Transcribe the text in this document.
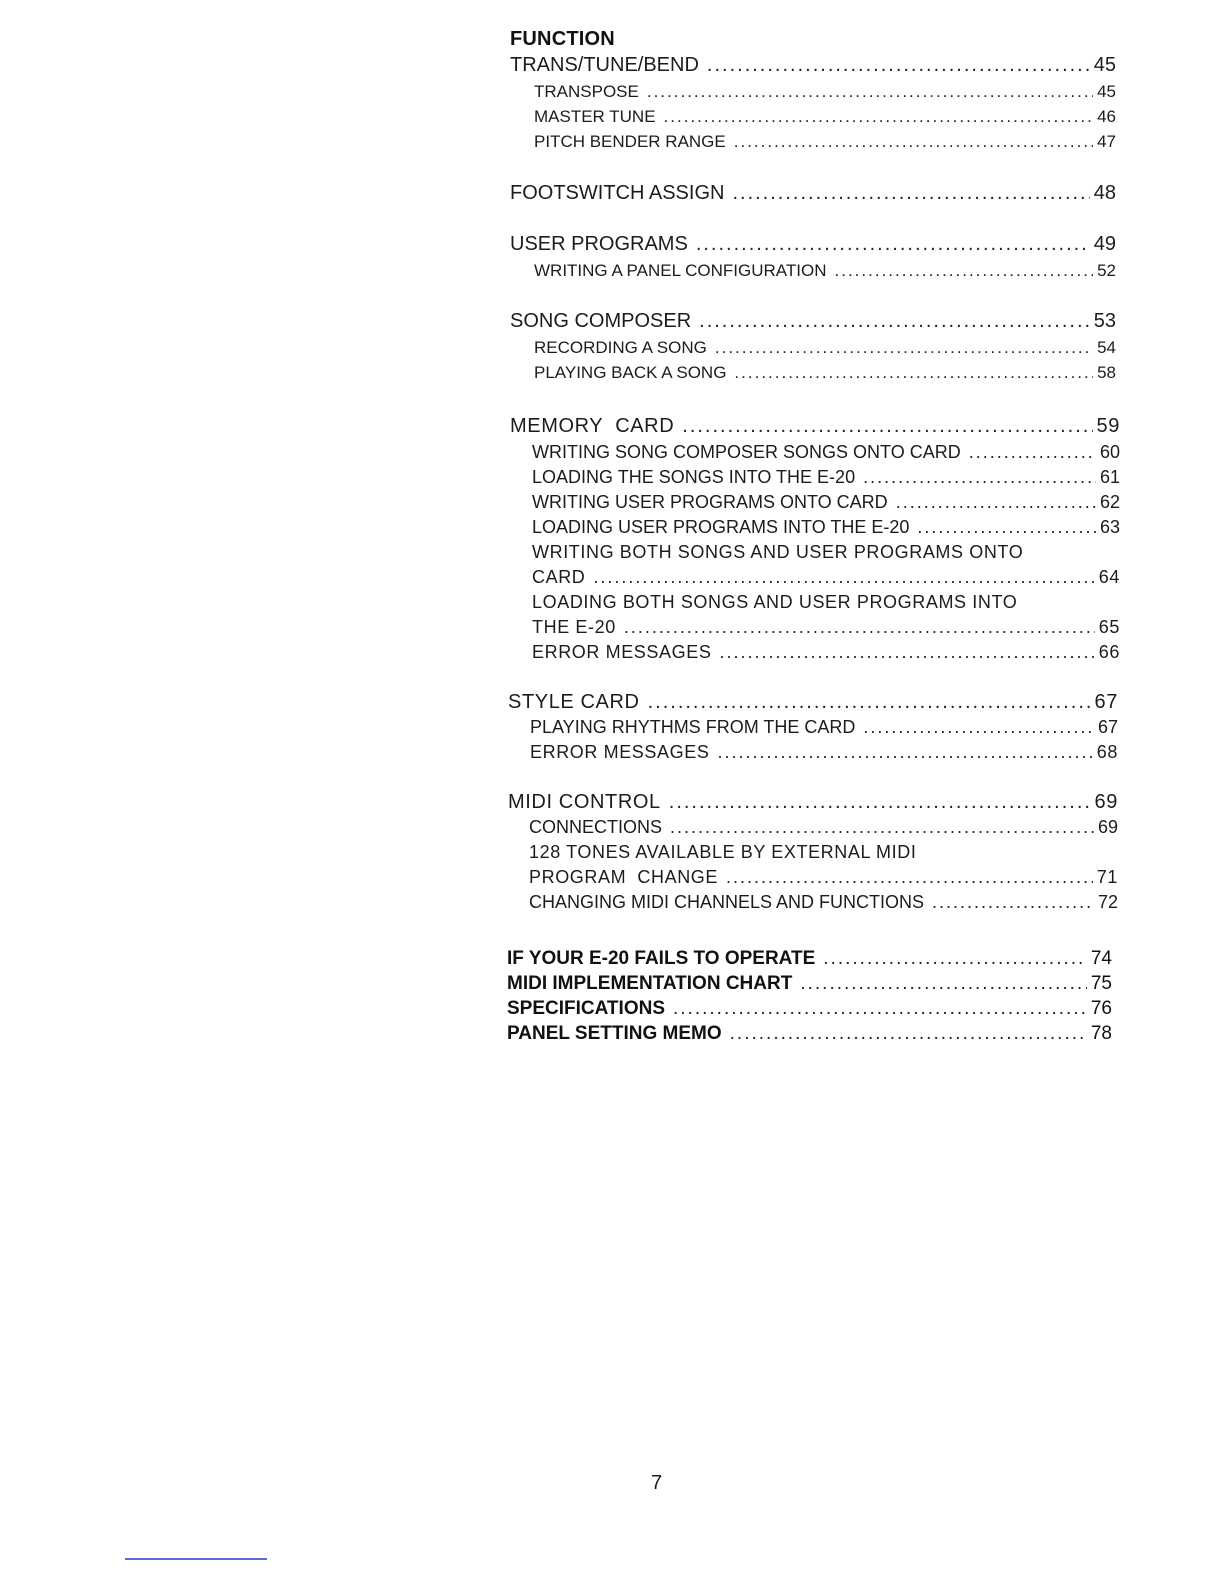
FUNCTION
TRANS/TUNE/BEND .....	45
TRANSPOSE .....	45
MASTER TUNE .....	46
PITCH BENDER RANGE .....	47
FOOTSWITCH ASSIGN .....	48
USER PROGRAMS .....	49
WRITING A PANEL CONFIGURATION .....	52
SONG COMPOSER .....	53
RECORDING A SONG .....	54
PLAYING BACK A SONG .....	58
MEMORY  CARD .....	59
WRITING SONG COMPOSER SONGS ONTO CARD .....	60
LOADING THE SONGS INTO THE E-20 .....	61
WRITING USER PROGRAMS ONTO CARD .....	62
LOADING USER PROGRAMS INTO THE E-20 .....	63
WRITING BOTH SONGS AND USER PROGRAMS ONTO
CARD .....	64
LOADING BOTH SONGS AND USER PROGRAMS INTO
THE E-20 .....	65
ERROR MESSAGES .....	66
STYLE CARD .....	67
PLAYING RHYTHMS FROM THE CARD .....	67
ERROR MESSAGES .....	68
MIDI CONTROL .....	69
CONNECTIONS .....	69
128 TONES AVAILABLE BY EXTERNAL MIDI
PROGRAM  CHANGE .....	71
CHANGING MIDI CHANNELS AND FUNCTIONS .....	72
IF YOUR E-20 FAILS TO OPERATE .....	74
MIDI IMPLEMENTATION CHART .....	75
SPECIFICATIONS .....	76
PANEL SETTING MEMO .....	78
7
